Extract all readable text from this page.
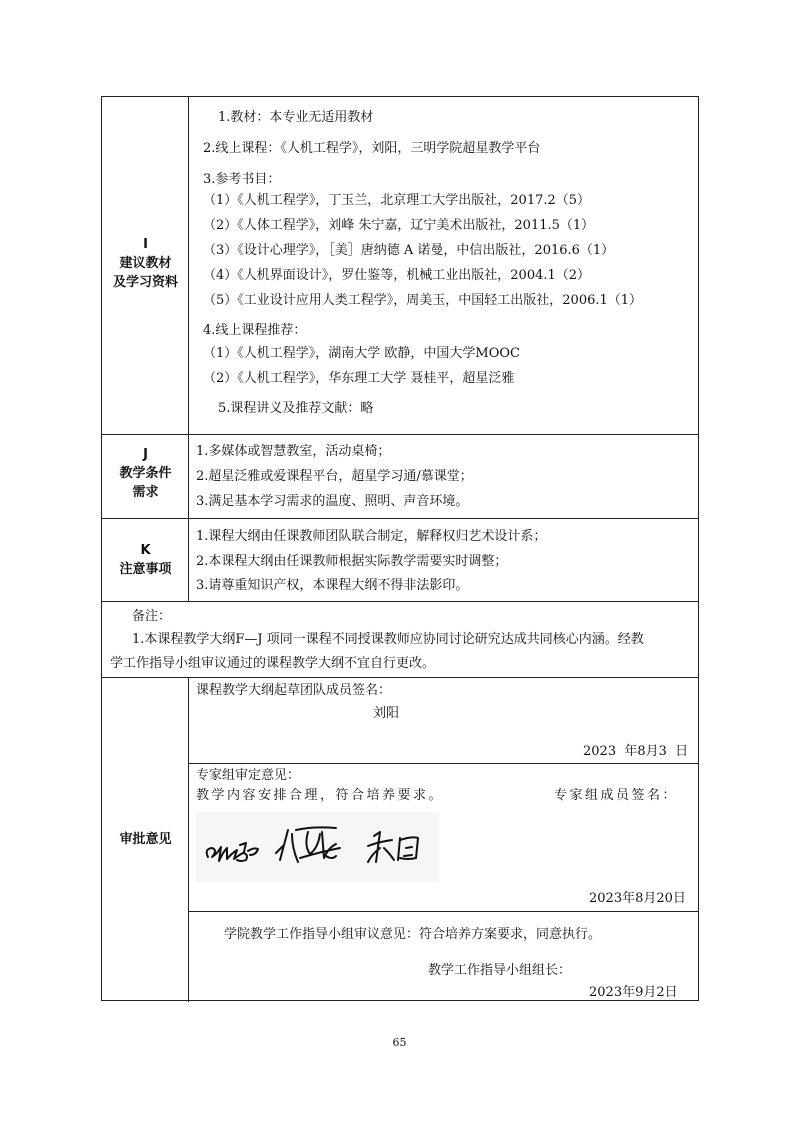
I
建议教材
及学习资料
J
教学条件
需求
K
注意事项
审批意见
1.教材：本专业无适用教材
2.线上课程：《人机工程学》，刘阳，三明学院超星教学平台
3.参考书目：
（1）《人机工程学》，丁玉兰，北京理工大学出版社，2017.2（5）
（2）《人体工程学》，刘峰 朱宁嘉，辽宁美术出版社，2011.5（1）
（3）《设计心理学》，［美］唐纳德 A 诺曼，中信出版社，2016.6（1）
（4）《人机界面设计》，罗仕鉴等，机械工业出版社，2004.1（2）
（5）《工业设计应用人类工程学》，周美玉，中国轻工出版社，2006.1（1）
4.线上课程推荐：
（1）《人机工程学》，湖南大学 欧静，中国大学MOOC
（2）《人机工程学》，华东理工大学 聂桂平，超星泛雅
5.课程讲义及推荐文献：略
1.多媒体或智慧教室，活动桌椅；
2.超星泛雅或爱课程平台，超星学习通/慕课堂；
3.满足基本学习需求的温度、照明、声音环境。
1.课程大纲由任课教师团队联合制定，解释权归艺术设计系；
2.本课程大纲由任课教师根据实际教学需要实时调整；
3.请尊重知识产权，本课程大纲不得非法影印。
备注：
1.本课程教学大纲F—J 项同一课程不同授课教师应协同讨论研究达成共同核心内涵。经教
学工作指导小组审议通过的课程教学大纲不宜自行更改。
课程教学大纲起草团队成员签名：
刘阳
2023  年8月3  日
专家组审定意见：
教学内容安排合理，符合培养要求。	专家组成员签名：
2023年8月20日
学院教学工作指导小组审议意见：符合培养方案要求，同意执行。
教学工作指导小组组长：
2023年9月2日
65
